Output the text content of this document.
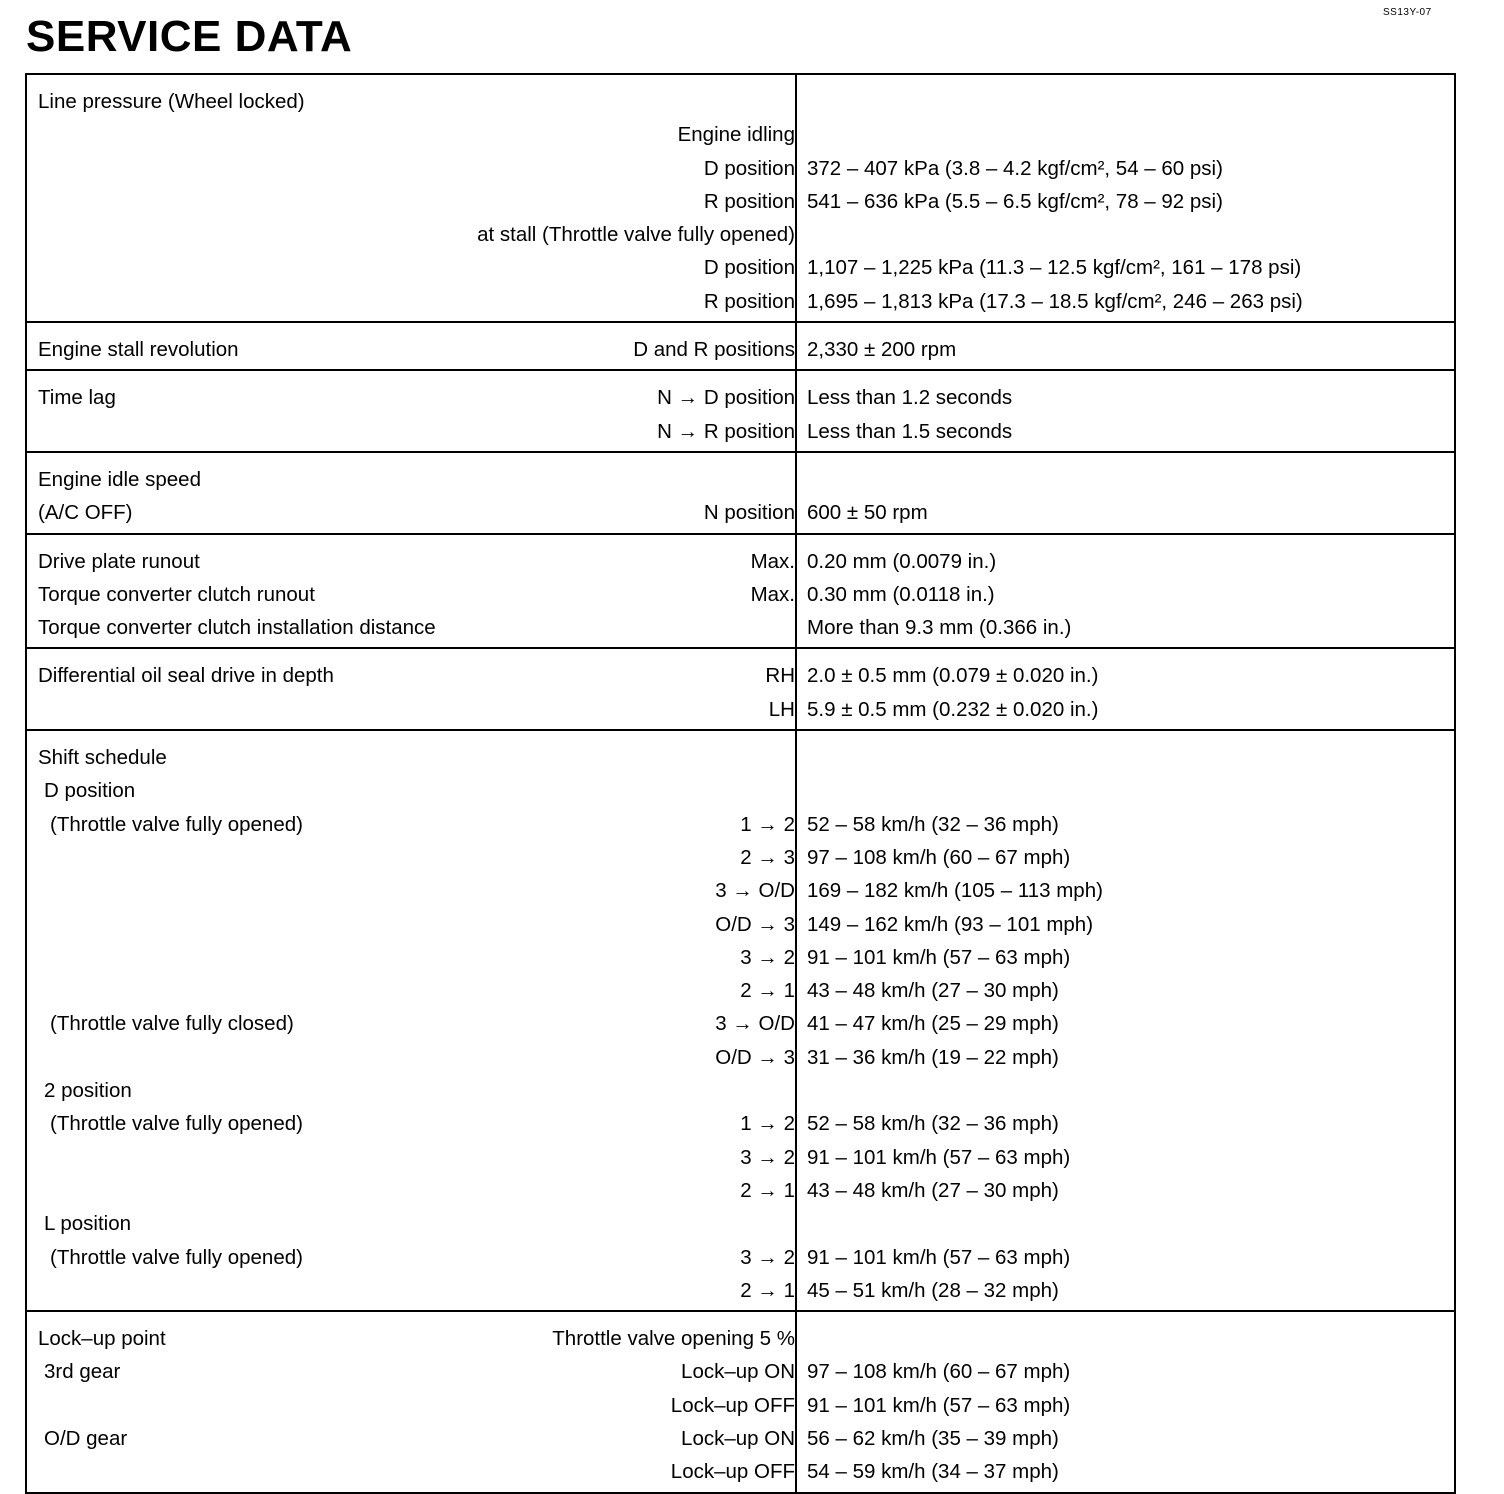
SS13Y-07
SERVICE DATA
Line pressure (Wheel locked)
Engine idling
D position 372 – 407 kPa (3.8 – 4.2 kgf/cm², 54 – 60 psi)
R position 541 – 636 kPa (5.5 – 6.5 kgf/cm², 78 – 92 psi)
at stall (Throttle valve fully opened)
D position 1,107 – 1,225 kPa (11.3 – 12.5 kgf/cm², 161 – 178 psi)
R position 1,695 – 1,813 kPa (17.3 – 18.5 kgf/cm², 246 – 263 psi)
Engine stall revolution	D and R positions 2,330 ± 200 rpm
Time lag	N → D position Less than 1.2 seconds
N → R position Less than 1.5 seconds
Engine idle speed
(A/C OFF)	N position 600 ± 50 rpm
Drive plate runout	Max. 0.20 mm (0.0079 in.)
Torque converter clutch runout	Max. 0.30 mm (0.0118 in.)
Torque converter clutch installation distance	More than 9.3 mm (0.366 in.)
Differential oil seal drive in depth	RH 2.0 ± 0.5 mm (0.079 ± 0.020 in.)
LH 5.9 ± 0.5 mm (0.232 ± 0.020 in.)
Shift schedule
D position
(Throttle valve fully opened)	1 → 2 52 – 58 km/h (32 – 36 mph)
2 → 3 97 – 108 km/h (60 – 67 mph)
3 → O/D 169 – 182 km/h (105 – 113 mph)
O/D → 3 149 – 162 km/h (93 – 101 mph)
3 → 2 91 – 101 km/h (57 – 63 mph)
2 → 1 43 – 48 km/h (27 – 30 mph)
(Throttle valve fully closed)	3 → O/D 41 – 47 km/h (25 – 29 mph)
O/D → 3 31 – 36 km/h (19 – 22 mph)
2 position
(Throttle valve fully opened)	1 → 2 52 – 58 km/h (32 – 36 mph)
3 → 2 91 – 101 km/h (57 – 63 mph)
2 → 1 43 – 48 km/h (27 – 30 mph)
L position
(Throttle valve fully opened)	3 → 2 91 – 101 km/h (57 – 63 mph)
2 → 1 45 – 51 km/h (28 – 32 mph)
Lock–up point	Throttle valve opening 5 %
3rd gear	Lock–up ON 97 – 108 km/h (60 – 67 mph)
Lock–up OFF 91 – 101 km/h (57 – 63 mph)
O/D gear	Lock–up ON 56 – 62 km/h (35 – 39 mph)
Lock–up OFF 54 – 59 km/h (34 – 37 mph)
